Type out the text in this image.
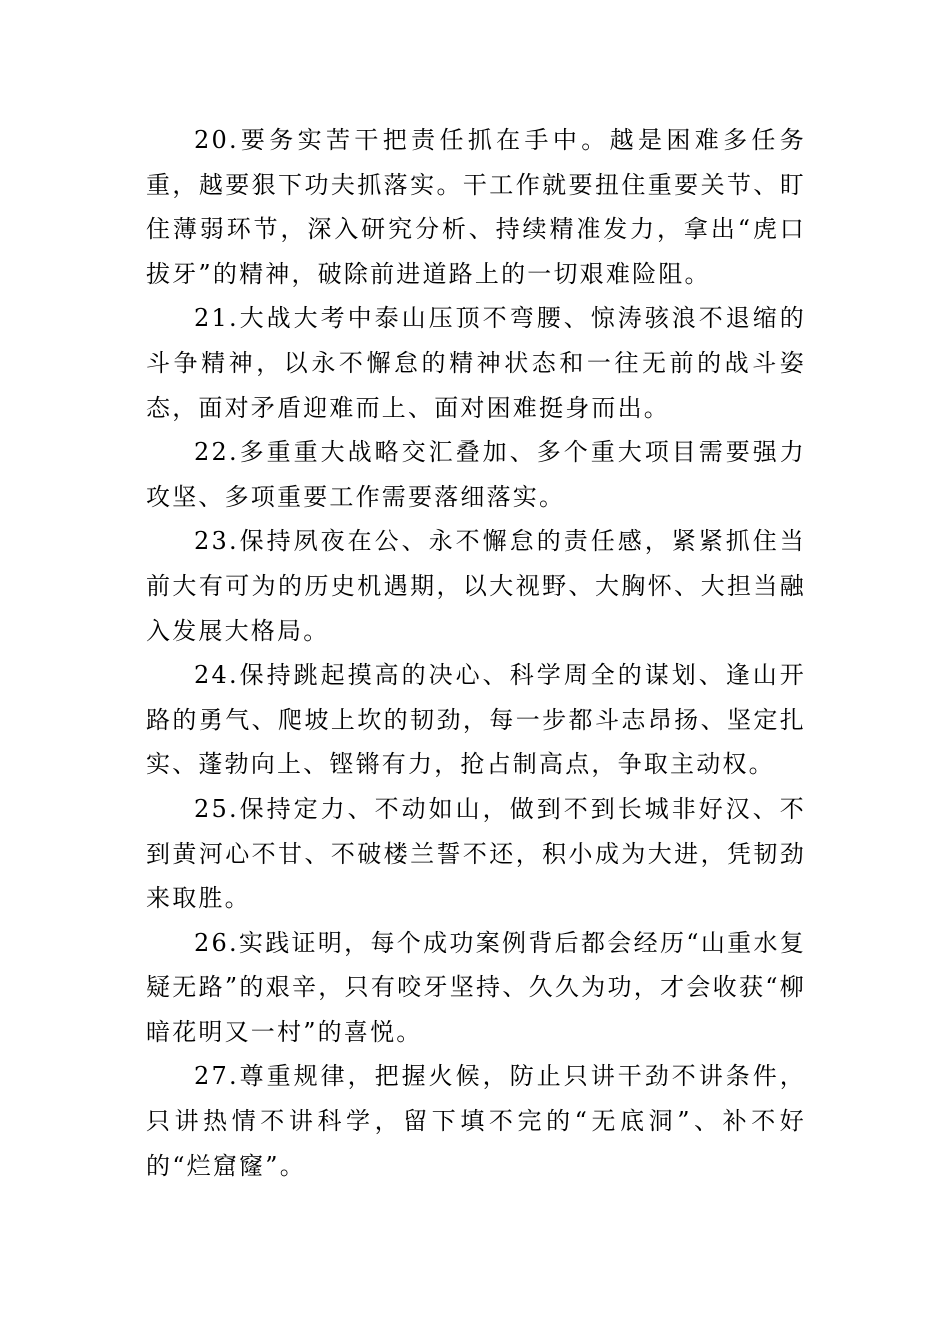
20.要务实苦干把责任抓在手中。越是困难多任务重，越要狠下功夫抓落实。干工作就要扭住重要关节、盯住薄弱环节，深入研究分析、持续精准发力，拿出“虎口拔牙”的精神，破除前进道路上的一切艰难险阻。

21.大战大考中泰山压顶不弯腰、惊涛骇浪不退缩的斗争精神，以永不懈怠的精神状态和一往无前的战斗姿态，面对矛盾迎难而上、面对困难挺身而出。

22.多重重大战略交汇叠加、多个重大项目需要强力攻坚、多项重要工作需要落细落实。

23.保持夙夜在公、永不懈怠的责任感，紧紧抓住当前大有可为的历史机遇期，以大视野、大胸怀、大担当融入发展大格局。

24.保持跳起摸高的决心、科学周全的谋划、逢山开路的勇气、爬坡上坎的韧劲，每一步都斗志昂扬、坚定扎实、蓬勃向上、铿锵有力，抢占制高点，争取主动权。

25.保持定力、不动如山，做到不到长城非好汉、不到黄河心不甘、不破楼兰誓不还，积小成为大进，凭韧劲来取胜。

26.实践证明，每个成功案例背后都会经历“山重水复疑无路”的艰辛，只有咬牙坚持、久久为功，才会收获“柳暗花明又一村”的喜悦。

27.尊重规律，把握火候，防止只讲干劲不讲条件，只讲热情不讲科学，留下填不完的“无底洞”、补不好的“烂窟窿”。
